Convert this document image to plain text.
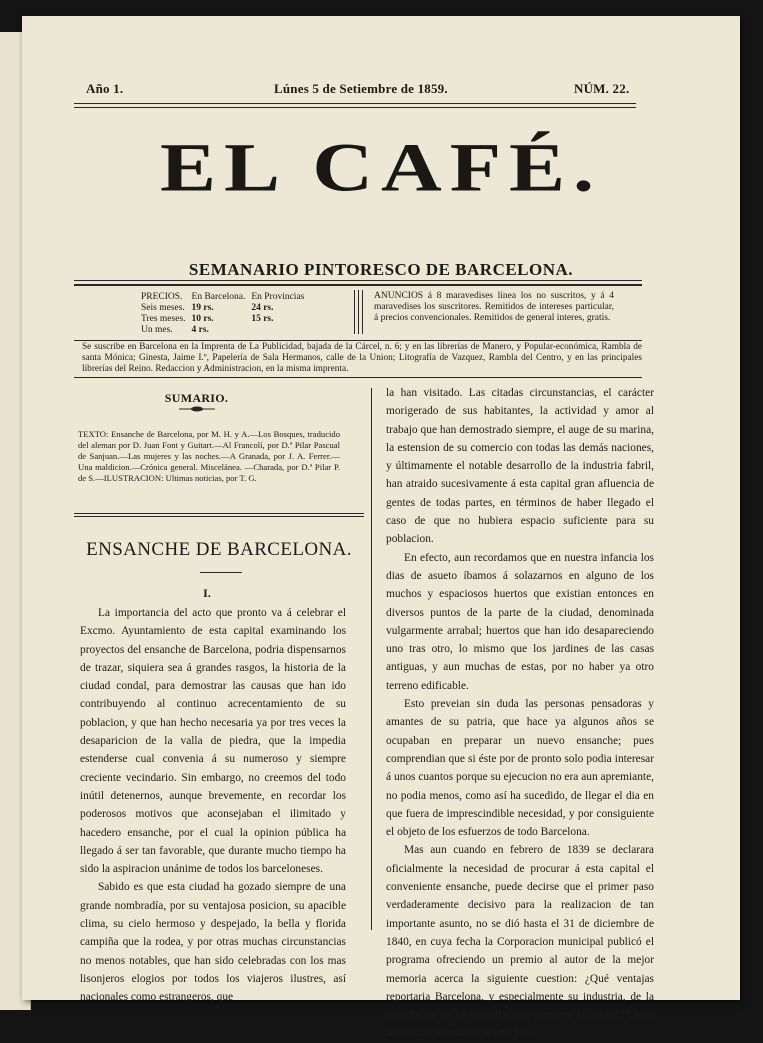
Año 1.	Lúnes 5 de Setiembre de 1859.	NÚM. 22.
EL CAFÉ.
SEMANARIO PINTORESCO DE BARCELONA.
PRECIOS.	En Barcelona.	En Provincias
Seis meses.	19 rs.	24 rs.
Tres meses.	10 rs.	15 rs.
Un mes.	4 rs.	
ANUNCIOS á 8 maravedises línea los no suscritos, y á 4 maravedises los suscritores. Remitidos de intereses particular, á precios convencionales. Remitidos de general interes, gratis.
Se suscribe en Barcelona en la Imprenta de La Publicidad, bajada de la Cárcel, n. 6; y en las librerías de Manero, y Popular-económica, Rambla de santa Mónica; Ginesta, Jaime I.º, Papelería de Sala Hermanos, calle de la Union; Litografía de Vazquez, Rambla del Centro, y en las principales librerías del Reino. Redaccion y Administracion, en la misma imprenta.
SUMARIO.
TEXTO: Ensanche de Barcelona, por M. H. y A.—Los Bosques, traducido del aleman por D. Juan Font y Guitart.—Al Francolí, por D.ª Pilar Pascual de Sanjuan.—Las mujeres y las noches.—A Granada, por J. A. Ferrer.—Una maldicion.—Crónica general. Miscelánea. —Charada, por D.ª Pilar P. de S.—ILUSTRACION: Ultimas noticias, por T. G.
ENSANCHE DE BARCELONA.
I.

La importancia del acto que pronto va á celebrar el Excmo. Ayuntamiento de esta capital examinando los proyectos del ensanche de Barcelona, podria dispensarnos de trazar, siquiera sea á grandes rasgos, la historia de la ciudad condal, para demostrar las causas que han ido contribuyendo al continuo acrecentamiento de su poblacion, y que han hecho necesaria ya por tres veces la desaparicion de la valla de piedra, que la impedia estenderse cual convenia á su numeroso y siempre creciente vecindario. Sin embargo, no creemos del todo inútil detenernos, aunque brevemente, en recordar los poderosos motivos que aconsejaban el ilimitado y hacedero ensanche, por el cual la opinion pública ha llegado á ser tan favorable, que durante mucho tiempo ha sido la aspiracion unánime de todos los barceloneses.

Sabido es que esta ciudad ha gozado siempre de una grande nombradía, por su ventajosa posicion, su apacible clima, su cielo hermoso y despejado, la bella y florida campiña que la rodea, y por otras muchas circunstancias no menos notables, que han sido celebradas con los mas lisonjeros elogios por todos los viajeros ilustres, así nacionales como estrangeros, que

la han visitado. Las citadas circunstancias, el carácter morigerado de sus habitantes, la actividad y amor al trabajo que han demostrado siempre, el auge de su marina, la estension de su comercio con todas las demás naciones, y últimamente el notable desarrollo de la industria fabril, han atraido sucesivamente á esta capital gran afluencia de gentes de todas partes, en términos de haber llegado el caso de que no hubiera espacio suficiente para su poblacion.

En efecto, aun recordamos que en nuestra infancia los dias de asueto íbamos á solazarnos en alguno de los muchos y espaciosos huertos que existian entonces en diversos puntos de la parte de la ciudad, denominada vulgarmente arrabal; huertos que han ido desapareciendo uno tras otro, lo mismo que los jardines de las casas antiguas, y aun muchas de estas, por no haber ya otro terreno edificable.

Esto preveian sin duda las personas pensadoras y amantes de su patria, que hace ya algunos años se ocupaban en preparar un nuevo ensanche; pues comprendian que si éste por de pronto solo podia interesar á unos cuantos porque su ejecucion no era aun apremiante, no podia menos, como así ha sucedido, de llegar el dia en que fuera de imprescindible necesidad, y por consiguiente el objeto de los esfuerzos de todo Barcelona.

Mas aun cuando en febrero de 1839 se declarara oficialmente la necesidad de procurar á esta capital el conveniente ensanche, puede decirse que el primer paso verdaderamente decisivo para la realizacion de tan importante asunto, no se dió hasta el 31 de diciembre de 1840, en cuya fecha la Corporacion municipal publicó el programa ofreciendo un premio al autor de la mejor memoria acerca la siguiente cuestion: ¿Qué ventajas reportaria Barcelona, y especialmente su industria, de la demolicion de las murallas que circuyen la ciudad? Llenó satisfactoriamente el objeto pro-
